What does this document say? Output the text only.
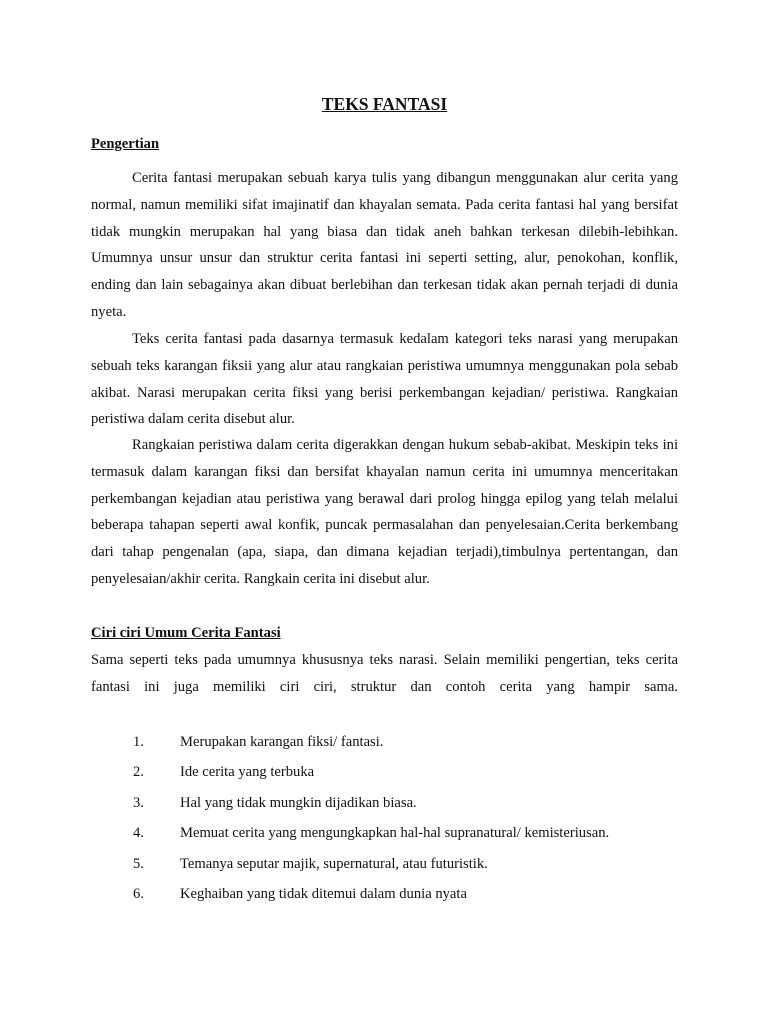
TEKS FANTASI
Pengertian

Cerita fantasi merupakan sebuah karya tulis yang dibangun menggunakan alur cerita yang normal, namun memiliki sifat imajinatif dan khayalan semata. Pada cerita fantasi hal yang bersifat tidak mungkin merupakan hal yang biasa dan tidak aneh bahkan terkesan dilebih-lebihkan. Umumnya unsur unsur dan struktur cerita fantasi ini seperti setting, alur, penokohan, konflik, ending dan lain sebagainya akan dibuat berlebihan dan terkesan tidak akan pernah terjadi di dunia nyeta.

Teks cerita fantasi pada dasarnya termasuk kedalam kategori teks narasi yang merupakan sebuah teks karangan fiksii yang alur atau rangkaian peristiwa umumnya menggunakan pola sebab akibat. Narasi merupakan cerita fiksi yang berisi perkembangan kejadian/ peristiwa. Rangkaian peristiwa dalam cerita disebut alur.

Rangkaian peristiwa dalam cerita digerakkan dengan hukum sebab-akibat. Meskipin teks ini termasuk dalam karangan fiksi dan bersifat khayalan namun cerita ini umumnya menceritakan perkembangan kejadian atau peristiwa yang berawal dari prolog hingga epilog yang telah melalui beberapa tahapan seperti awal konfik, puncak permasalahan dan penyelesaian.Cerita berkembang dari tahap pengenalan (apa, siapa, dan dimana kejadian terjadi),timbulnya pertentangan, dan penyelesaian/akhir cerita. Rangkain cerita ini disebut alur.

Ciri ciri Umum Cerita Fantasi

Sama seperti teks pada umumnya khususnya teks narasi. Selain memiliki pengertian, teks cerita fantasi ini juga memiliki ciri ciri, struktur dan contoh cerita yang hampir sama.

1. Merupakan karangan fiksi/ fantasi.
2. Ide cerita yang terbuka
3. Hal yang tidak mungkin dijadikan biasa.
4. Memuat cerita yang mengungkapkan hal-hal supranatural/ kemisteriusan.
5. Temanya seputar majik, supernatural, atau futuristik.
6. Keghaiban yang tidak ditemui dalam dunia nyata
